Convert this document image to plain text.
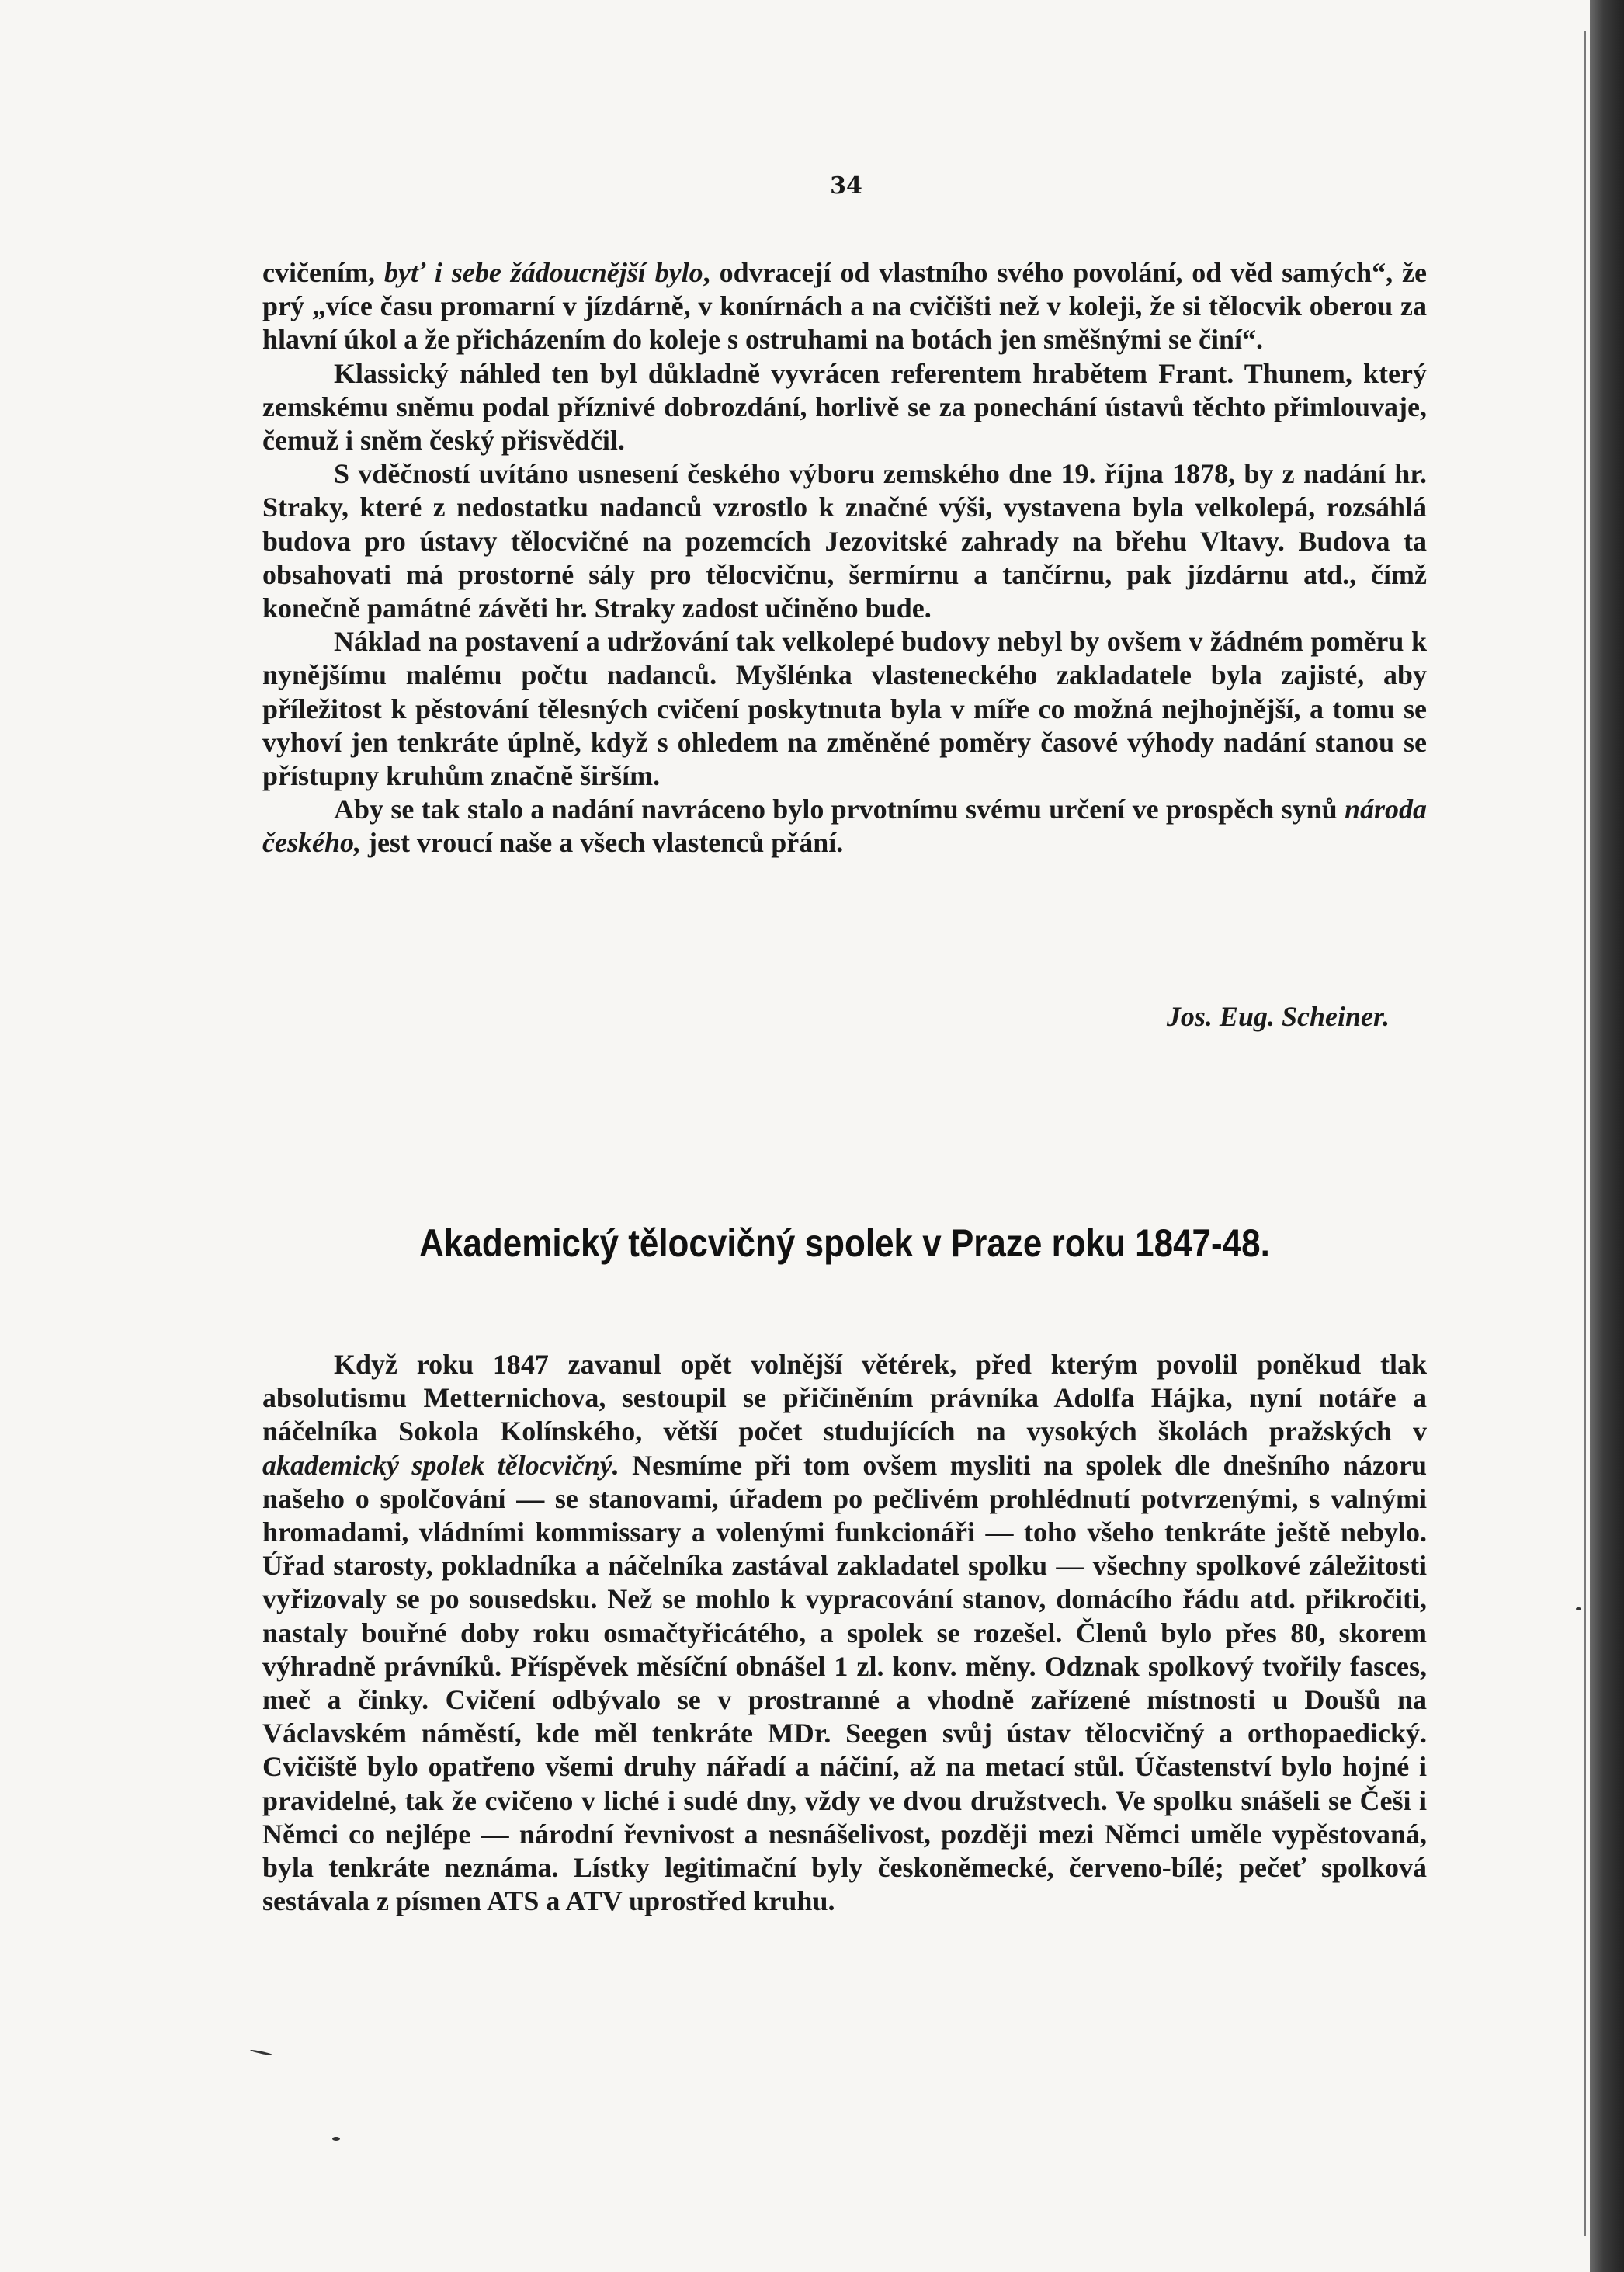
34

cvičením, byť i sebe žádoucnější bylo, odvracejí od vlastního svého povolání, od věd samých“, že prý „více času promarní v jízdárně, v konírnách a na cvičišti než v koleji, že si tělocvik oberou za hlavní úkol a že přicházením do koleje s ostruhami na botách jen směšnými se činí“.

Klassický náhled ten byl důkladně vyvrácen referentem hrabětem Frant. Thunem, který zemskému sněmu podal příznivé dobrozdání, horlivě se za ponechání ústavů těchto přimlouvaje, čemuž i sněm český přisvědčil.

S vděčností uvítáno usnesení českého výboru zemského dne 19. října 1878, by z nadání hr. Straky, které z nedostatku nadanců vzrostlo k značné výši, vystavena byla velkolepá, rozsáhlá budova pro ústavy tělocvičné na pozemcích Jezovitské zahrady na břehu Vltavy. Budova ta obsahovati má prostorné sály pro tělocvičnu, šermírnu a tančírnu, pak jízdárnu atd., čímž konečně památné závěti hr. Straky zadost učiněno bude.

Náklad na postavení a udržování tak velkolepé budovy nebyl by ovšem v žádném poměru k nynějšímu malému počtu nadanců. Myšlénka vlasteneckého zakladatele byla zajisté, aby příležitost k pěstování tělesných cvičení poskytnuta byla v míře co možná nejhojnější, a tomu se vyhoví jen tenkráte úplně, když s ohledem na změněné poměry časové výhody nadání stanou se přístupny kruhům značně širším.

Aby se tak stalo a nadání navráceno bylo prvotnímu svému určení ve prospěch synů národa českého, jest vroucí naše a všech vlastenců přání.

Jos. Eug. Scheiner.
Akademický tělocvičný spolek v Praze roku 1847-48.

Když roku 1847 zavanul opět volnější větérek, před kterým povolil poněkud tlak absolutismu Metternichova, sestoupil se přičiněním právníka Adolfa Hájka, nyní notáře a náčelníka Sokola Kolínského, větší počet studujících na vysokých školách pražských v akademický spolek tělocvičný. Nesmíme při tom ovšem mysliti na spolek dle dnešního názoru našeho o spolčování — se stanovami, úřadem po pečlivém prohlédnutí potvrzenými, s valnými hromadami, vládními kommissary a volenými funkcionáři — toho všeho tenkráte ještě nebylo. Úřad starosty, pokladníka a náčelníka zastával zakladatel spolku — všechny spolkové záležitosti vyřizovaly se po sousedsku. Než se mohlo k vypracování stanov, domácího řádu atd. přikročiti, nastaly bouřné doby roku osmačtyřicátého, a spolek se rozešel. Členů bylo přes 80, skorem výhradně právníků. Příspěvek měsíční obnášel 1 zl. konv. měny. Odznak spolkový tvořily fasces, meč a činky. Cvičení odbývalo se v prostranné a vhodně zařízené místnosti u Doušů na Václavském náměstí, kde měl tenkráte MDr. Seegen svůj ústav tělocvičný a orthopaedický. Cvičiště bylo opatřeno všemi druhy nářadí a náčiní, až na metací stůl. Účastenství bylo hojné i pravidelné, tak že cvičeno v liché i sudé dny, vždy ve dvou družstvech. Ve spolku snášeli se Češi i Němci co nejlépe — národní řevnivost a nesnášelivost, později mezi Němci uměle vypěstovaná, byla tenkráte neznáma. Lístky legitimační byly českoněmecké, červeno-bílé; pečeť spolková sestávala z písmen ATS a ATV uprostřed kruhu.
